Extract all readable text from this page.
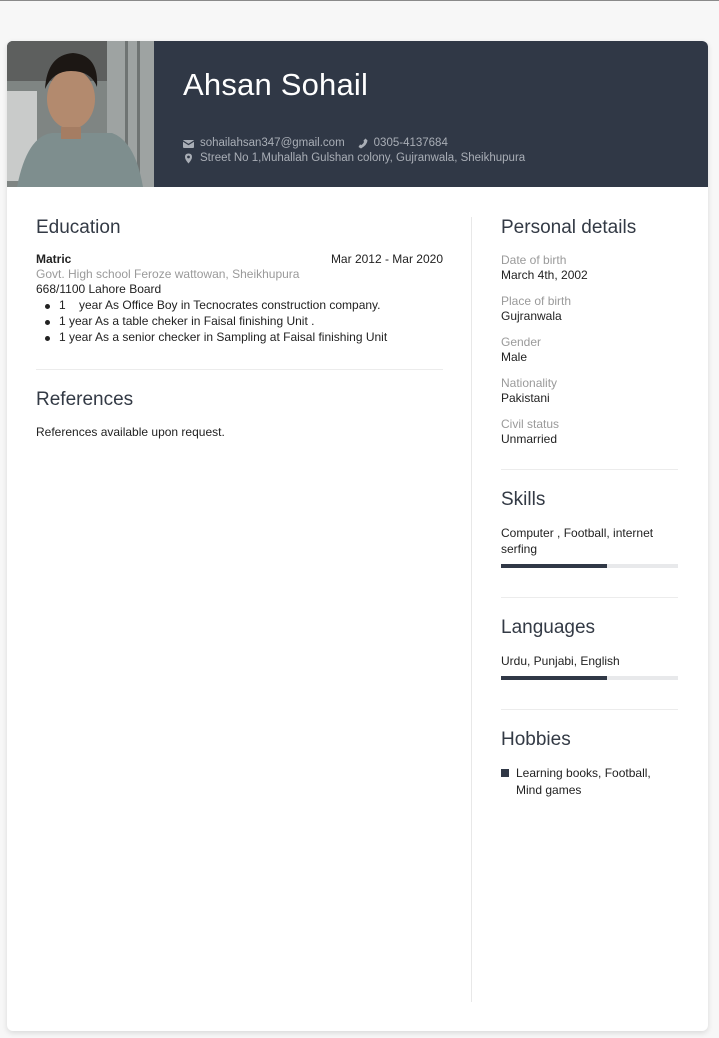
Ahsan Sohail
sohailahsan347@gmail.com	0305-4137684
Street No 1,Muhallah Gulshan colony, Gujranwala, Sheikhupura
Education
Matric	Mar 2012 - Mar 2020
Govt. High school Feroze wattowan, Sheikhupura
668/1100 Lahore Board
1    year As Office Boy in Tecnocrates construction company.
1 year As a table cheker in Faisal finishing Unit .
1 year As a senior checker in Sampling at Faisal finishing Unit
References
References available upon request.
Personal details
Date of birth
March 4th, 2002
Place of birth
Gujranwala
Gender
Male
Nationality
Pakistani
Civil status
Unmarried
Skills
Computer , Football, internet serfing
Languages
Urdu, Punjabi, English
Hobbies
Learning books, Football, Mind games
